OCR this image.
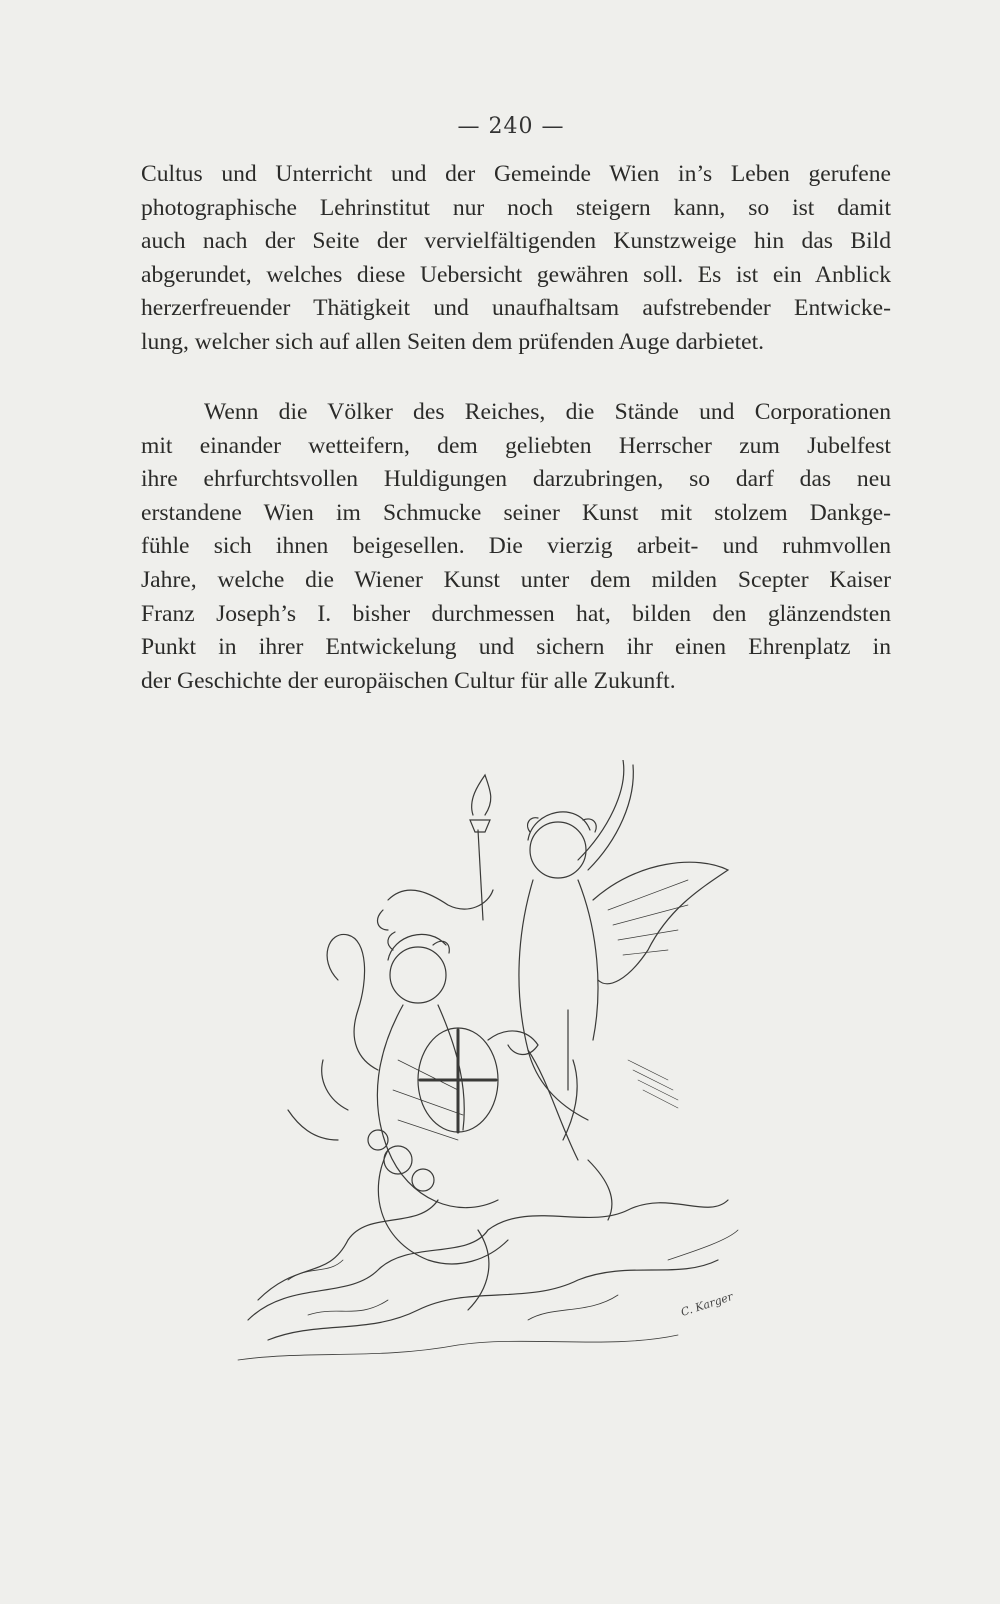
— 240 —
Cultus und Unterricht und der Gemeinde Wien in’s Leben gerufene
photographische Lehrinstitut nur noch steigern kann, so ist damit
auch nach der Seite der vervielfältigenden Kunstzweige hin das Bild
abgerundet, welches diese Uebersicht gewähren soll. Es ist ein Anblick
herzerfreuender Thätigkeit und unaufhaltsam aufstrebender Entwicke-
lung, welcher sich auf allen Seiten dem prüfenden Auge darbietet.
Wenn die Völker des Reiches, die Stände und Corporationen
mit einander wetteifern, dem geliebten Herrscher zum Jubelfest
ihre ehrfurchtsvollen Huldigungen darzubringen, so darf das neu
erstandene Wien im Schmucke seiner Kunst mit stolzem Dankge-
fühle sich ihnen beigesellen. Die vierzig arbeit- und ruhmvollen
Jahre, welche die Wiener Kunst unter dem milden Scepter Kaiser
Franz Joseph’s I. bisher durchmessen hat, bilden den glänzendsten
Punkt in ihrer Entwickelung und sichern ihr einen Ehrenplatz in
der Geschichte der europäischen Cultur für alle Zukunft.
C. Karger
